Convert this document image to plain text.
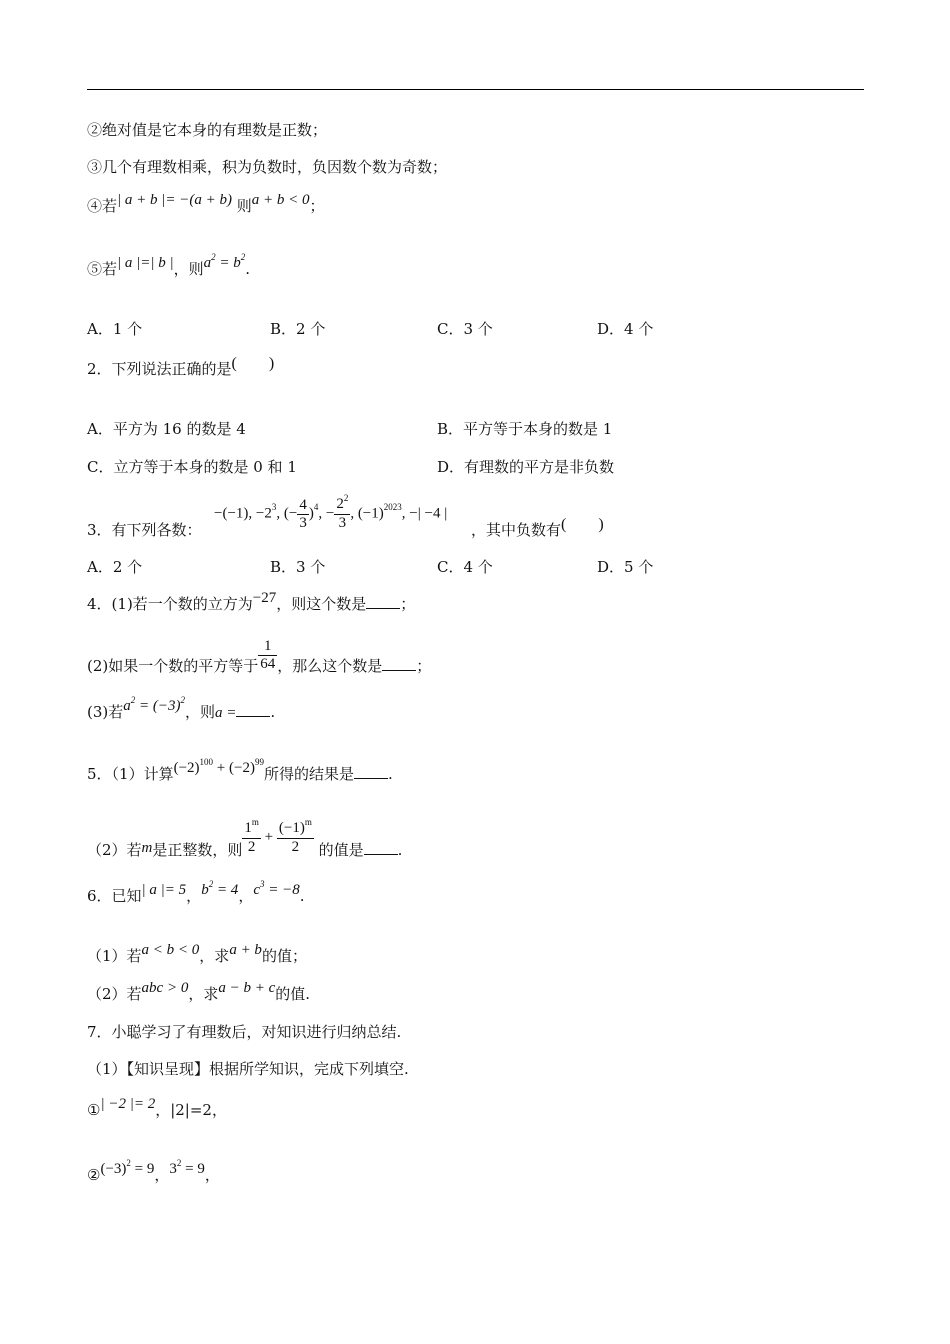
②绝对值是它本身的有理数是正数；
③几个有理数相乘，积为负数时，负因数个数为奇数；
④若| a + b |= −(a + b) 则a + b < 0；
⑤若| a |=| b |，则$a^2 = b^2$.
A．1 个	B．2 个	C．3 个	D．4 个
2．下列说法正确的是(　　)
A．平方为 16 的数是 4	B．平方等于本身的数是 1
C．立方等于本身的数是 0 和 1	D．有理数的平方是非负数
3．有下列各数：
−(−1), $-2^3$, (− $\frac{4}{3} )^4$, − $\frac{2^2}{3}$ , $(-1)^{2023}$, −| −4 |
，其中负数有(　　)
A．2 个	B．3 个	C．4 个	D．5 个
4．(1)若一个数的立方为−27，则这个数是 ；
(2)如果一个数的平方等于 $\frac{1}{64}$ ，那么这个数是 ；
(3)若$a^2 = (-3)^2$，则a = .
5．（1）计算$(-2)^{100} + (-2)^{99}$所得的结果是 .
（2）若m是正整数，则 $\frac{1^m}{2} + \frac{(-1)^m}{2}$ 的值是 .
6．已知| a |= 5，$b^2 = 4$，$c^3 = -8$.
（1）若a < b < 0，求a + b的值；
（2）若abc > 0，求a − b + c的值.
7．小聪学习了有理数后，对知识进行归纳总结.
（1）【知识呈现】根据所学知识，完成下列填空.
①| −2 |= 2，|2|=2，
$②(-3)^2 = 9$，$3^2 = 9$，
